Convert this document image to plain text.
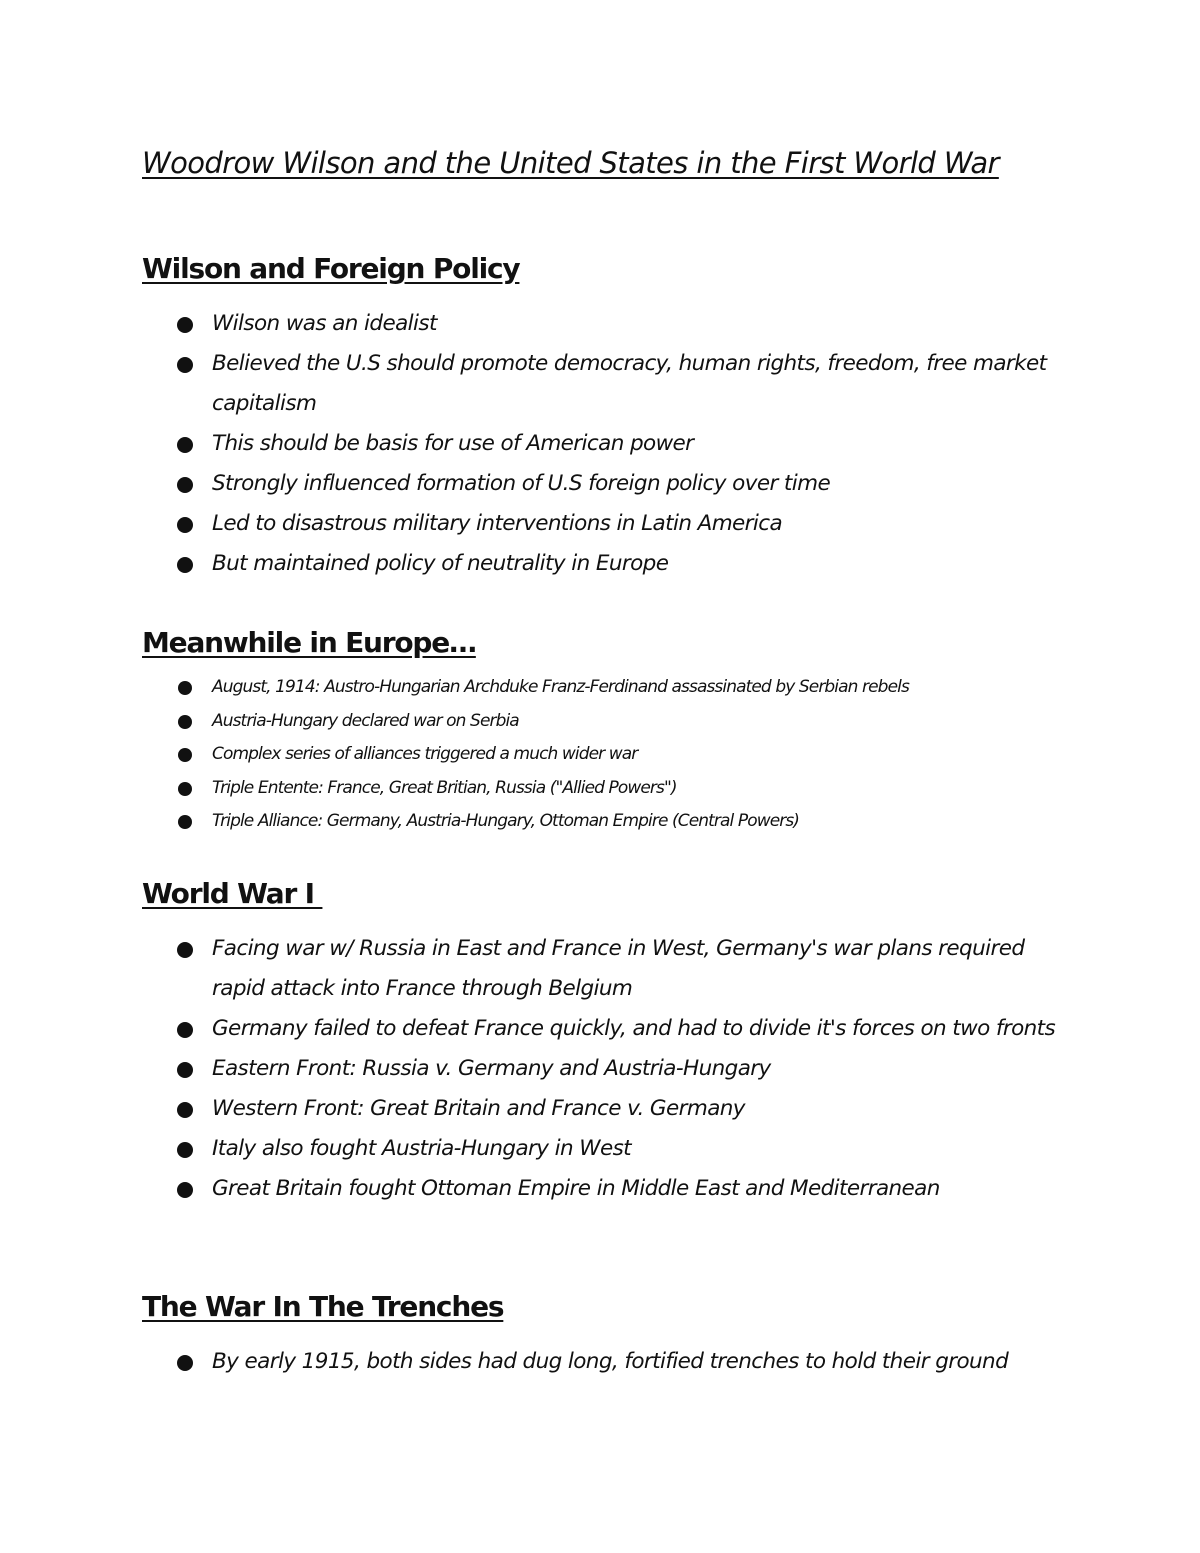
Woodrow Wilson and the United States in the First World War
Wilson and Foreign Policy
Wilson was an idealist
Believed the U.S should promote democracy, human rights, freedom, free market capitalism
This should be basis for use of American power
Strongly influenced formation of U.S foreign policy over time
Led to disastrous military interventions in Latin America
But maintained policy of neutrality in Europe
Meanwhile in Europe…
August, 1914: Austro-Hungarian Archduke Franz-Ferdinand assassinated by Serbian rebels
Austria-Hungary declared war on Serbia
Complex series of alliances triggered a much wider war
Triple Entente: France, Great Britian, Russia ("Allied Powers")
Triple Alliance: Germany, Austria-Hungary, Ottoman Empire (Central Powers)
World War I
Facing war w/ Russia in East and France in West, Germany's war plans required rapid attack into France through Belgium
Germany failed to defeat France quickly, and had to divide it's forces on two fronts
Eastern Front: Russia v. Germany and Austria-Hungary
Western Front: Great Britain and France v. Germany
Italy also fought Austria-Hungary in West
Great Britain fought Ottoman Empire in Middle East and Mediterranean
The War In The Trenches
By early 1915, both sides had dug long, fortified trenches to hold their ground
